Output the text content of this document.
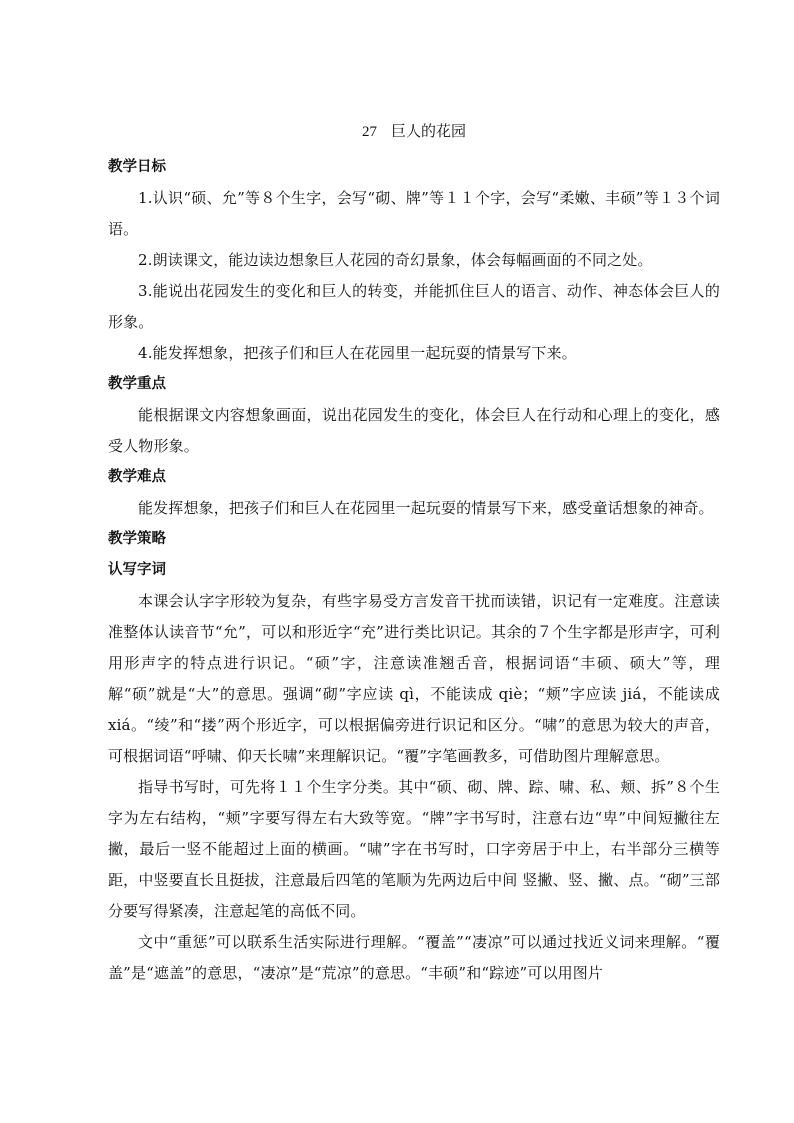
27 巨人的花园

教学日标

1.认识“硕、允”等８个生字，会写“砌、牌”等１１个字，会写“柔嫩、丰硕”等１３个词语。

2.朗读课文，能边读边想象巨人花园的奇幻景象，体会每幅画面的不同之处。

3.能说出花园发生的变化和巨人的转变，并能抓住巨人的语言、动作、神态体会巨人的形象。

4.能发挥想象，把孩子们和巨人在花园里一起玩耍的情景写下来。

教学重点

能根据课文内容想象画面，说出花园发生的变化，体会巨人在行动和心理上的变化，感受人物形象。

教学难点

能发挥想象，把孩子们和巨人在花园里一起玩耍的情景写下来，感受童话想象的神奇。

教学策略

认写字词

本课会认字字形较为复杂，有些字易受方言发音干扰而读错，识记有一定难度。注意读准整体认读音节“允”，可以和形近字“充”进行类比识记。其余的７个生字都是形声字，可利用形声字的特点进行识记。“硕”字，注意读准翘舌音，根据词语“丰硕、硕大”等，理解“硕”就是“大”的意思。强调“砌”字应读 qì，不能读成 qiè；“颊”字应读 jiá，不能读成 xiá。“绫”和“搂”两个形近字，可以根据偏旁进行识记和区分。“啸”的意思为较大的声音，可根据词语“呼啸、仰天长啸”来理解识记。“覆”字笔画教多，可借助图片理解意思。

指导书写时，可先将１１个生字分类。其中“硕、砌、牌、踪、啸、私、颊、拆”８个生字为左右结构，“颊”字要写得左右大致等宽。“牌”字书写时，注意右边“卑”中间短撇往左撇，最后一竖不能超过上面的横画。“啸”字在书写时，口字旁居于中上，右半部分三横等距，中竖要直长且挺拔，注意最后四笔的笔顺为先两边后中间 竖撇、竖、撇、点。“砌”三部分要写得紧凑，注意起笔的高低不同。

文中“重惩”可以联系生活实际进行理解。“覆盖”“凄凉”可以通过找近义词来理解。“覆盖”是“遮盖”的意思，“凄凉”是“荒凉”的意思。“丰硕”和“踪迹”可以用图片
